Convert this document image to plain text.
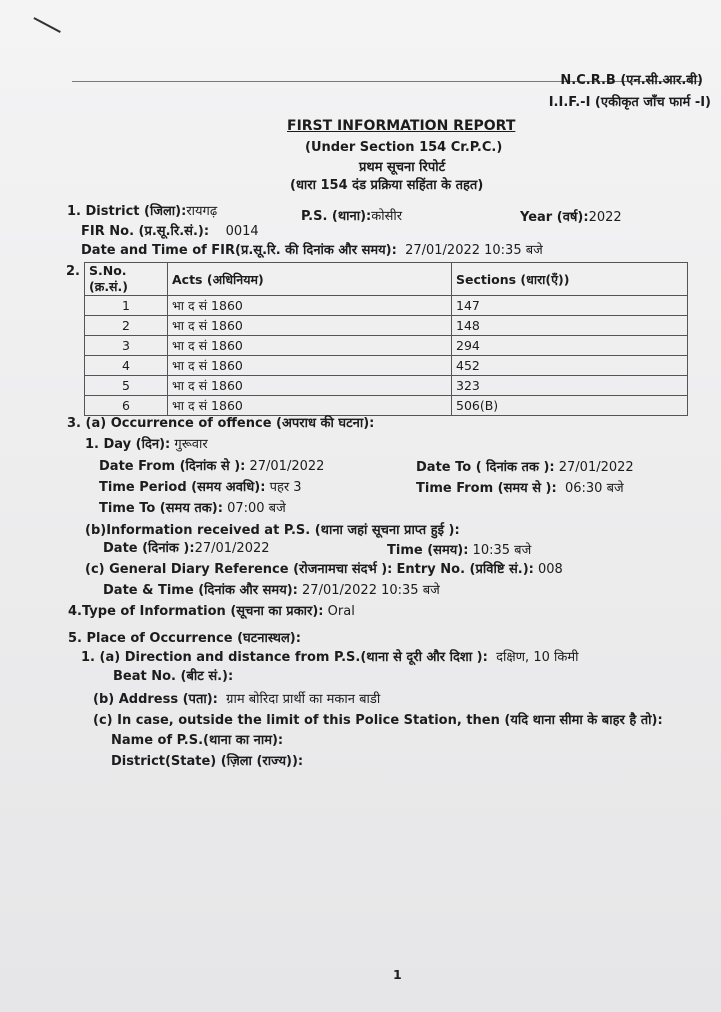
N.C.R.B (एन.सी.आर.बी)
I.I.F.-I (एकीकृत जाँच फार्म -I)
FIRST INFORMATION REPORT
(Under Section 154 Cr.P.C.)
प्रथम सूचना रिपोर्ट
(धारा 154 दंड प्रक्रिया सहिंता के तहत)
1. District (जिला):रायगढ़	P.S. (थाना):कोसीर	Year (वर्ष):2022
FIR No. (प्र.सू.रि.सं.): 0014
Date and Time of FIR(प्र.सू.रि. की दिनांक और समय): 27/01/2022 10:35 बजे
2. S.No. (क्र.सं.)	Acts (अधिनियम)	Sections (धारा(एँ))
1	भा द सं 1860	147
2	भा द सं 1860	148
3	भा द सं 1860	294
4	भा द सं 1860	452
5	भा द सं 1860	323
6	भा द सं 1860	506(B)
3. (a) Occurrence of offence (अपराध की घटना):
1. Day (दिन): गुरूवार
Date From (दिनांक से ): 27/01/2022	Date To ( दिनांक तक ): 27/01/2022
Time Period (समय अवधि): पहर 3	Time From (समय से ): 06:30 बजे
Time To (समय तक): 07:00 बजे
(b)Information received at P.S. (थाना जहां सूचना प्राप्त हुई ):
Date (दिनांक ):27/01/2022	Time (समय): 10:35 बजे
(c) General Diary Reference (रोजनामचा संदर्भ ): Entry No. (प्रविष्टि सं.): 008
Date & Time (दिनांक और समय): 27/01/2022 10:35 बजे
4.Type of Information (सूचना का प्रकार): Oral
5. Place of Occurrence (घटनास्थल):
1. (a) Direction and distance from P.S.(थाना से दूरी और दिशा ): दक्षिण, 10 किमी
Beat No. (बीट सं.):
(b) Address (पता): ग्राम बोरिदा प्रार्थी का मकान बाडी
(c) In case, outside the limit of this Police Station, then (यदि थाना सीमा के बाहर है तो):
Name of P.S.(थाना का नाम):
District(State) (ज़िला (राज्य)):
1
